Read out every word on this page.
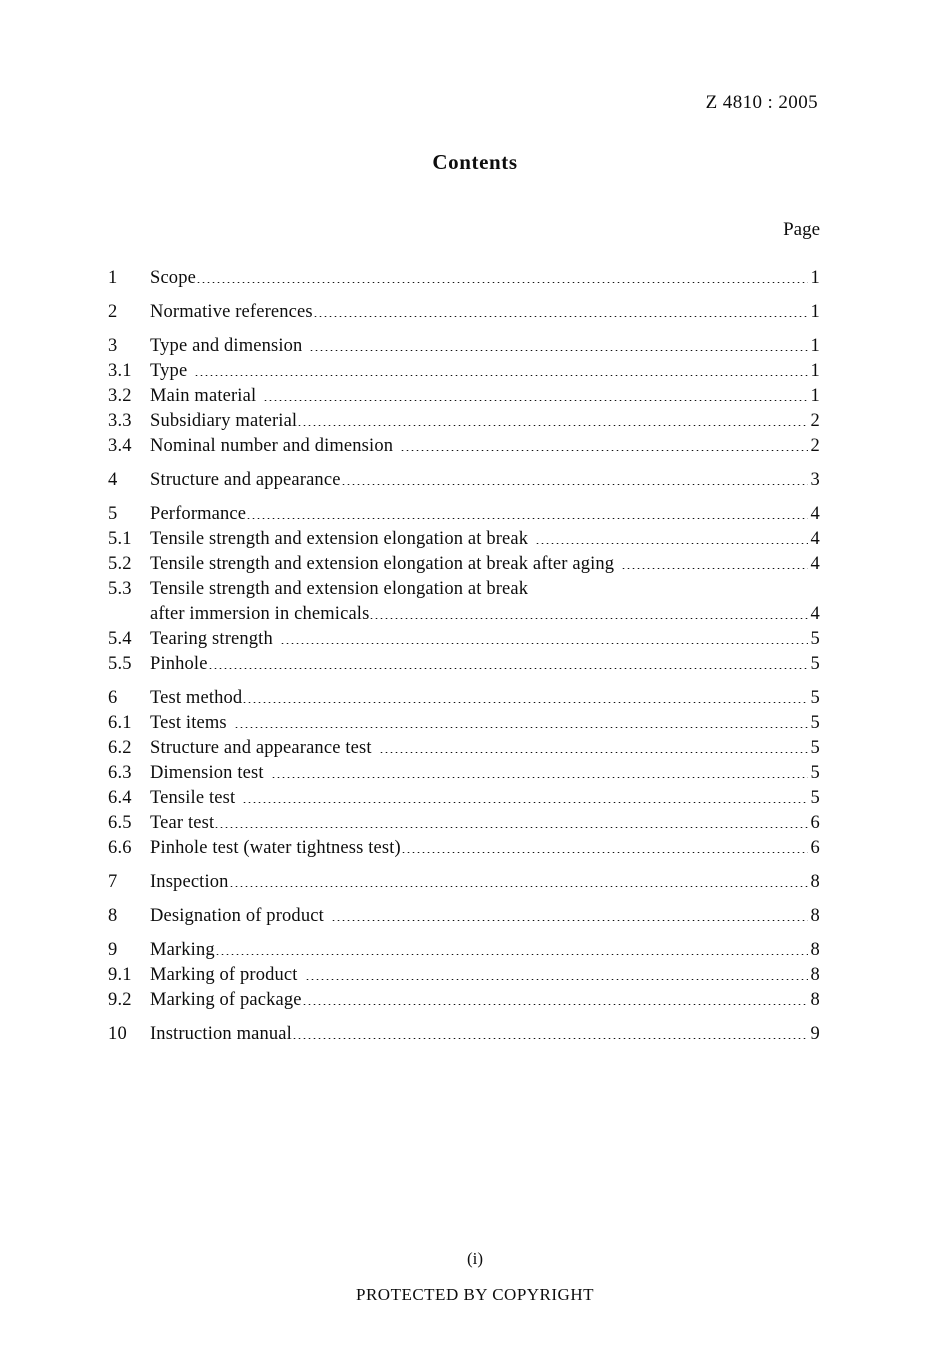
Z 4810 : 2005
Contents
Page
1	Scope	1
2	Normative references	1
3	Type and dimension	1
3.1 Type	1
3.2 Main material	1
3.3 Subsidiary material	2
3.4 Nominal number and dimension	2
4	Structure and appearance	3
5	Performance	4
5.1 Tensile strength and extension elongation at break	4
5.2 Tensile strength and extension elongation at break after aging	4
5.3 Tensile strength and extension elongation at break
after immersion in chemicals	4
5.4 Tearing strength	5
5.5 Pinhole	5
6	Test method	5
6.1 Test items	5
6.2 Structure and appearance test	5
6.3 Dimension test	5
6.4 Tensile test	5
6.5 Tear test	6
6.6 Pinhole test (water tightness test)	6
7	Inspection	8
8	Designation of product	8
9	Marking	8
9.1 Marking of product	8
9.2 Marking of package	8
10	Instruction manual	9
(i)
PROTECTED BY COPYRIGHT
